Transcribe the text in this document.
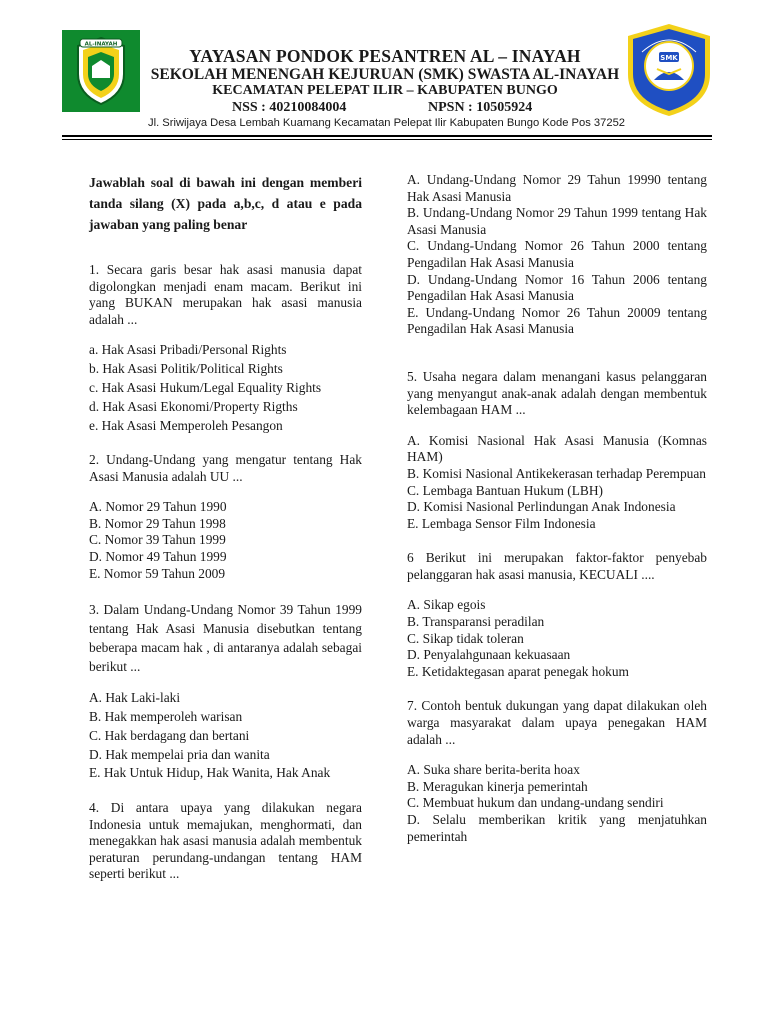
AL-INAYAH
SMK
YAYASAN PONDOK PESANTREN AL – INAYAH
SEKOLAH MENENGAH KEJURUAN (SMK) SWASTA AL-INAYAH
KECAMATAN PELEPAT ILIR – KABUPATEN BUNGO
NSS : 40210084004	NPSN : 10505924
Jl. Sriwijaya Desa Lembah Kuamang Kecamatan Pelepat Ilir Kabupaten Bungo Kode Pos 37252
Jawablah soal di bawah ini dengan memberi tanda silang (X) pada a,b,c, d atau e pada jawaban yang paling benar
1. Secara garis besar hak asasi manusia dapat digolongkan menjadi enam macam. Berikut ini yang BUKAN merupakan hak asasi manusia adalah ...
a. Hak Asasi Pribadi/Personal Rights
b. Hak Asasi Politik/Political Rights
c. Hak Asasi Hukum/Legal Equality Rights
d. Hak Asasi Ekonomi/Property Rigths
e. Hak Asasi Memperoleh Pesangon
2. Undang-Undang yang mengatur tentang Hak Asasi Manusia adalah UU ...
A. Nomor 29 Tahun 1990
B. Nomor 29 Tahun 1998
C. Nomor 39 Tahun 1999
D. Nomor 49 Tahun 1999
E. Nomor 59 Tahun 2009
3. Dalam Undang-Undang Nomor 39 Tahun 1999 tentang Hak Asasi Manusia disebutkan tentang beberapa macam hak , di antaranya adalah sebagai berikut ...
A. Hak Laki-laki
B. Hak memperoleh warisan
C. Hak berdagang dan bertani
D. Hak mempelai pria dan wanita
E. Hak Untuk Hidup, Hak Wanita, Hak Anak
4. Di antara upaya yang dilakukan negara Indonesia untuk memajukan, menghormati, dan menegakkan hak asasi manusia adalah membentuk peraturan perundang-undangan tentang HAM seperti berikut ...
A. Undang-Undang Nomor 29 Tahun 19990 tentang Hak Asasi Manusia
B. Undang-Undang Nomor 29 Tahun 1999 tentang Hak Asasi Manusia
C. Undang-Undang Nomor 26 Tahun 2000 tentang Pengadilan Hak Asasi Manusia
D. Undang-Undang Nomor 16 Tahun 2006 tentang Pengadilan Hak Asasi Manusia
E. Undang-Undang Nomor 26 Tahun 20009 tentang Pengadilan Hak Asasi Manusia
5. Usaha negara dalam menangani kasus pelanggaran yang menyangut anak-anak adalah dengan membentuk kelembagaan HAM ...
A. Komisi Nasional Hak Asasi Manusia (Komnas HAM)
B. Komisi Nasional Antikekerasan terhadap Perempuan
C. Lembaga Bantuan Hukum (LBH)
D. Komisi Nasional Perlindungan Anak Indonesia
E. Lembaga Sensor Film Indonesia
6 Berikut ini merupakan faktor-faktor penyebab pelanggaran hak asasi manusia, KECUALI ....
A. Sikap egois
B. Transparansi peradilan
C. Sikap tidak toleran
D. Penyalahgunaan kekuasaan
E. Ketidaktegasan aparat penegak hokum
7. Contoh bentuk dukungan yang dapat dilakukan oleh warga masyarakat dalam upaya penegakan HAM adalah ...
A. Suka share berita-berita hoax
B. Meragukan kinerja pemerintah
C. Membuat hukum dan undang-undang sendiri
D. Selalu memberikan kritik yang menjatuhkan pemerintah
